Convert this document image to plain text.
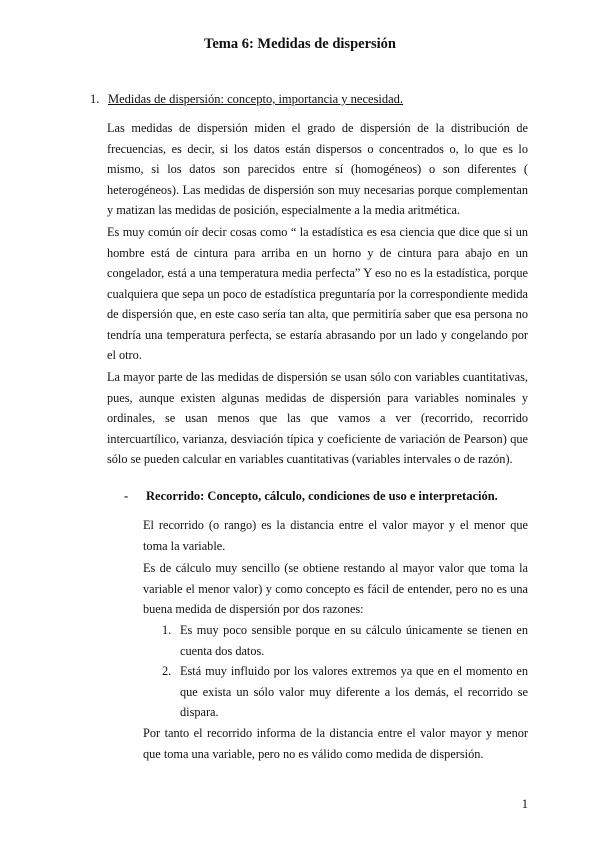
Tema 6: Medidas de dispersión
1. Medidas de dispersión: concepto, importancia y necesidad.

Las medidas de dispersión miden el grado de dispersión de la distribución de frecuencias, es decir, si los datos están dispersos o concentrados o, lo que es lo mismo, si los datos son parecidos entre sí (homogéneos) o son diferentes ( heterogéneos). Las medidas de dispersión son muy necesarias porque complementan y matizan las medidas de posición, especialmente a la media aritmética.

Es muy común oír decir cosas como “ la estadística es esa ciencia que dice que si un hombre está de cintura para arriba en un horno y de cintura para abajo en un congelador, está a una temperatura media perfecta” Y eso no es la estadística, porque cualquiera que sepa un poco de estadística preguntaría por la correspondiente medida de dispersión que, en este caso sería tan alta, que permitiría saber que esa persona no tendría una temperatura perfecta, se estaría abrasando por un lado y congelando por el otro.

La mayor parte de las medidas de dispersión se usan sólo con variables cuantitativas, pues, aunque existen algunas medidas de dispersión para variables nominales y ordinales, se usan menos que las que vamos a ver (recorrido, recorrido intercuartílico, varianza, desviación típica y coeficiente de variación de Pearson) que sólo se pueden calcular en variables cuantitativas (variables intervales o de razón).

- Recorrido: Concepto, cálculo, condiciones de uso e interpretación.

El recorrido (o rango) es la distancia entre el valor mayor y el menor que toma la variable.

Es de cálculo muy sencillo (se obtiene restando al mayor valor que toma la variable el menor valor) y como concepto es fácil de entender, pero no es una buena medida de dispersión por dos razones:

1. Es muy poco sensible porque en su cálculo únicamente se tienen en cuenta dos datos.
2. Está muy influido por los valores extremos ya que en el momento en que exista un sólo valor muy diferente a los demás, el recorrido se dispara.

Por tanto el recorrido informa de la distancia entre el valor mayor y menor que toma una variable, pero no es válido como medida de dispersión.

1
